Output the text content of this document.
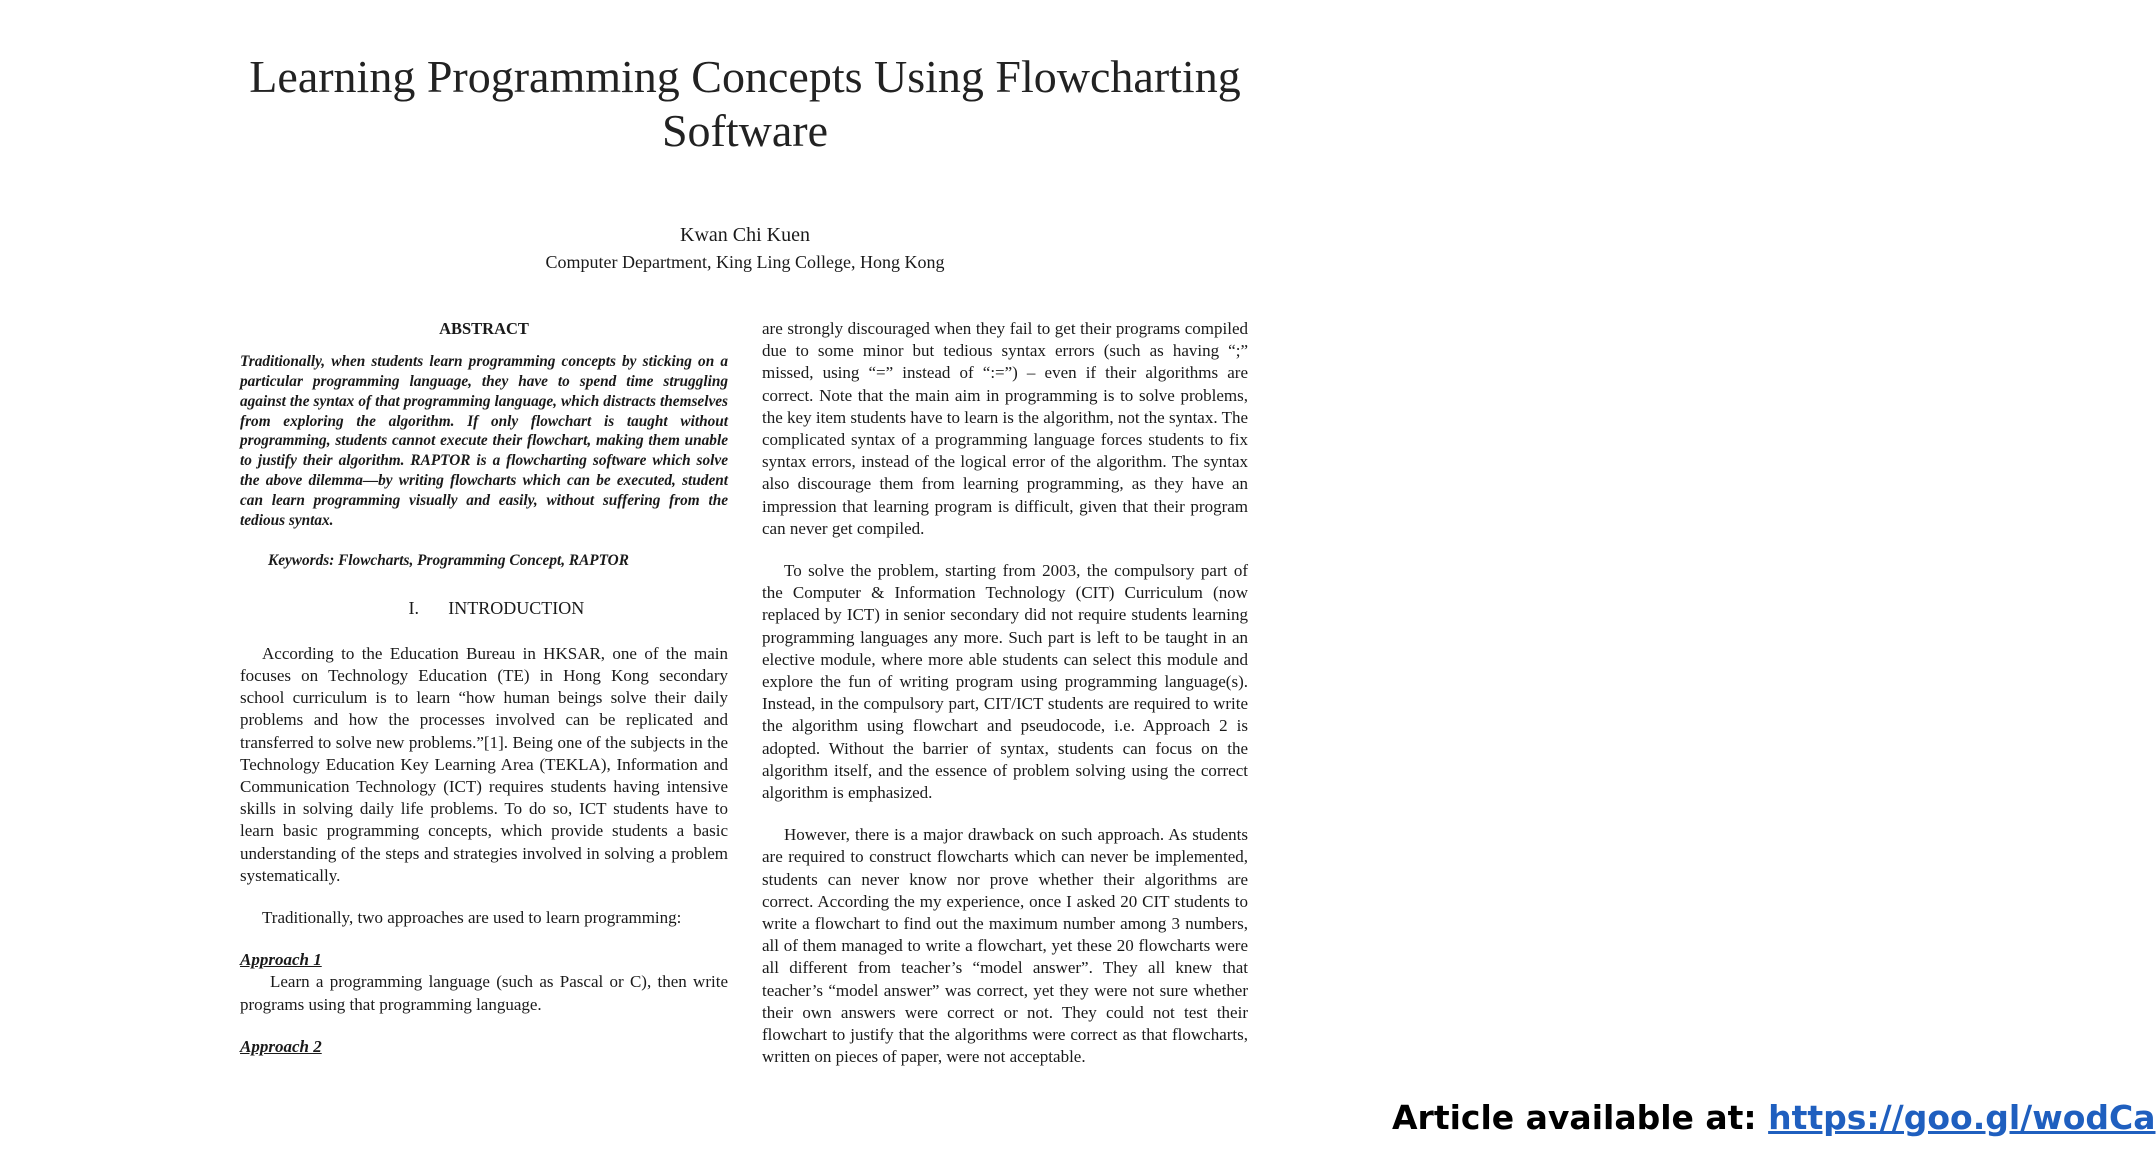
Learning Programming Concepts Using Flowcharting
Software
Kwan Chi Kuen
Computer Department, King Ling College, Hong Kong
ABSTRACT

Traditionally, when students learn programming concepts by sticking on a particular programming language, they have to spend time struggling against the syntax of that programming language, which distracts themselves from exploring the algorithm. If only flowchart is taught without programming, students cannot execute their flowchart, making them unable to justify their algorithm. RAPTOR is a flowcharting software which solve the above dilemma—by writing flowcharts which can be executed, student can learn programming visually and easily, without suffering from the tedious syntax.

Keywords: Flowcharts, Programming Concept, RAPTOR
I. INTRODUCTION

According to the Education Bureau in HKSAR, one of the main focuses on Technology Education (TE) in Hong Kong secondary school curriculum is to learn “how human beings solve their daily problems and how the processes involved can be replicated and transferred to solve new problems.”[1]. Being one of the subjects in the Technology Education Key Learning Area (TEKLA), Information and Communication Technology (ICT) requires students having intensive skills in solving daily life problems. To do so, ICT students have to learn basic programming concepts, which provide students a basic understanding of the steps and strategies involved in solving a problem systematically.

Traditionally, two approaches are used to learn programming:

Approach 1

Learn a programming language (such as Pascal or C), then write programs using that programming language.

Approach 2

are strongly discouraged when they fail to get their programs compiled due to some minor but tedious syntax errors (such as having “;” missed, using “=” instead of “:=”) – even if their algorithms are correct. Note that the main aim in programming is to solve problems, the key item students have to learn is the algorithm, not the syntax. The complicated syntax of a programming language forces students to fix syntax errors, instead of the logical error of the algorithm. The syntax also discourage them from learning programming, as they have an impression that learning program is difficult, given that their program can never get compiled.

To solve the problem, starting from 2003, the compulsory part of the Computer & Information Technology (CIT) Curriculum (now replaced by ICT) in senior secondary did not require students learning programming languages any more. Such part is left to be taught in an elective module, where more able students can select this module and explore the fun of writing program using programming language(s). Instead, in the compulsory part, CIT/ICT students are required to write the algorithm using flowchart and pseudocode, i.e. Approach 2 is adopted. Without the barrier of syntax, students can focus on the algorithm itself, and the essence of problem solving using the correct algorithm is emphasized.

However, there is a major drawback on such approach. As students are required to construct flowcharts which can never be implemented, students can never know nor prove whether their algorithms are correct. According the my experience, once I asked 20 CIT students to write a flowchart to find out the maximum number among 3 numbers, all of them managed to write a flowchart, yet these 20 flowcharts were all different from teacher’s “model answer”. They all knew that teacher’s “model answer” was correct, yet they were not sure whether their own answers were correct or not. They could not test their flowchart to justify that the algorithms were correct as that flowcharts, written on pieces of paper, were not acceptable.

Article available at: https://goo.gl/wodCa
